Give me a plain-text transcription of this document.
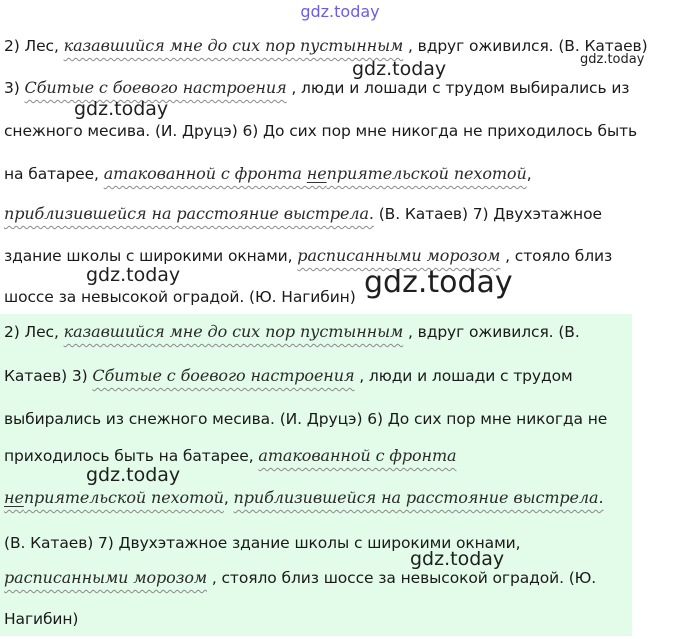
gdz.today
2) Лес, казавшийся мне до сих пор пустынным , вдруг оживился. (В. Катаев)
3) Сбитые с боевого настроения , люди и лошади с трудом выбирались из
снежного месива. (И. Друцэ) 6) До сих пор мне никогда не приходилось быть
на батарее, атакованной с фронта неприятельской пехотой,
приблизившейся на расстояние выстрела. (В. Катаев) 7) Двухэтажное
здание школы с широкими окнами, расписанными морозом , стояло близ
шоссе за невысокой оградой. (Ю. Нагибин)
2) Лес, казавшийся мне до сих пор пустынным , вдруг оживился. (В.
Катаев) 3) Сбитые с боевого настроения , люди и лошади с трудом
выбирались из снежного месива. (И. Друцэ) 6) До сих пор мне никогда не
приходилось быть на батарее, атакованной с фронта
неприятельской пехотой, приблизившейся на расстояние выстрела.
(В. Катаев) 7) Двухэтажное здание школы с широкими окнами,
расписанными морозом , стояло близ шоссе за невысокой оградой. (Ю.
Нагибин)
gdz.today	gdz.today
gdz.today
gdz.today	gdz.today
gdz.today
gdz.today
